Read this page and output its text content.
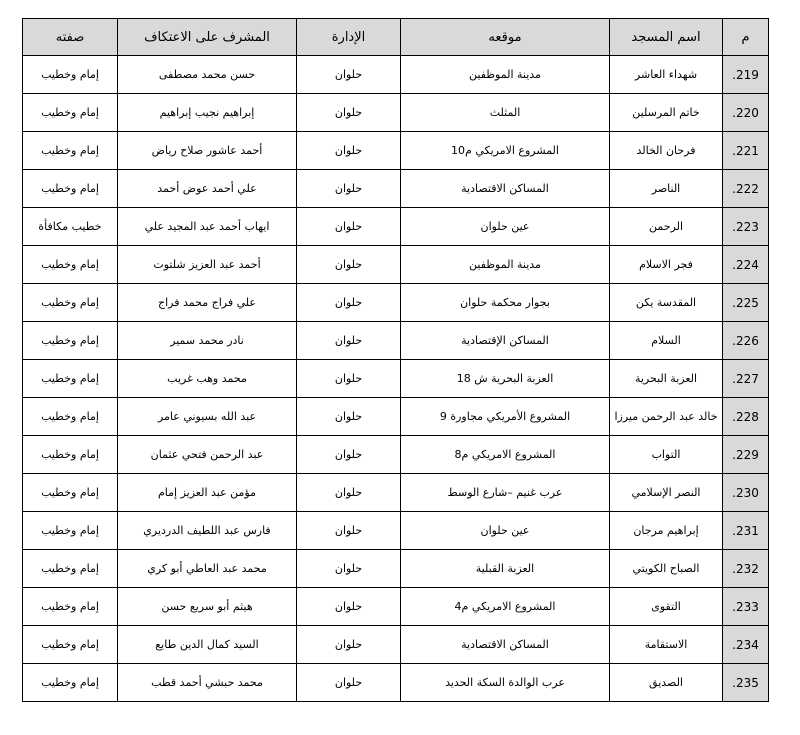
م	اسم المسجد	موقعه	الإدارة	المشرف على الاعتكاف	صفته
219.	شهداء العاشر	مدينة الموظفين	حلوان	حسن محمد مصطفى	إمام وخطيب
220.	خاتم المرسلين	المثلث	حلوان	إبراهيم نجيب إبراهيم	إمام وخطيب
221.	فرحان الخالد	المشروع الامريكي م10	حلوان	أحمد عاشور صلاح رياض	إمام وخطيب
222.	الناصر	المساكن الاقتصادية	حلوان	علي أحمد عوض أحمد	إمام وخطيب
223.	الرحمن	عين حلوان	حلوان	ايهاب أحمد عبد المجيد علي	خطيب مكافأة
224.	فجر الاسلام	مدينة الموظفين	حلوان	أحمد عبد العزيز شلتوت	إمام وخطيب
225.	المقدسة يكن	بجوار محكمة حلوان	حلوان	علي فراج محمد فراج	إمام وخطيب
226.	السلام	المساكن الإقتصادية	حلوان	نادر محمد سمير	إمام وخطيب
227.	العزبة البحرية	العزبة البحرية ش 18	حلوان	محمد وهب غريب	إمام وخطيب
228.	خالد عبد الرحمن ميرزا	المشروع الأمريكي مجاورة 9	حلوان	عبد الله بسيوني عامر	إمام وخطيب
229.	التواب	المشروع الامريكي م8	حلوان	عبد الرحمن فتحي عثمان	إمام وخطيب
230.	النصر الإسلامي	عرب غنيم –شارع الوسط	حلوان	مؤمن عبد العزيز إمام	إمام وخطيب
231.	إبراهيم مرجان	عين حلوان	حلوان	فارس عبد اللطيف الدرديري	إمام وخطيب
232.	الصباح الكويتي	العزبة القبلية	حلوان	محمد عبد العاطي أبو كري	إمام وخطيب
233.	التقوى	المشروع الامريكي م4	حلوان	هيثم أبو سريع حسن	إمام وخطيب
234.	الاستقامة	المساكن الاقتصادية	حلوان	السيد كمال الدين طايع	إمام وخطيب
235.	الصديق	عرب الوالدة السكة الحديد	حلوان	محمد حبشي أحمد قطب	إمام وخطيب
